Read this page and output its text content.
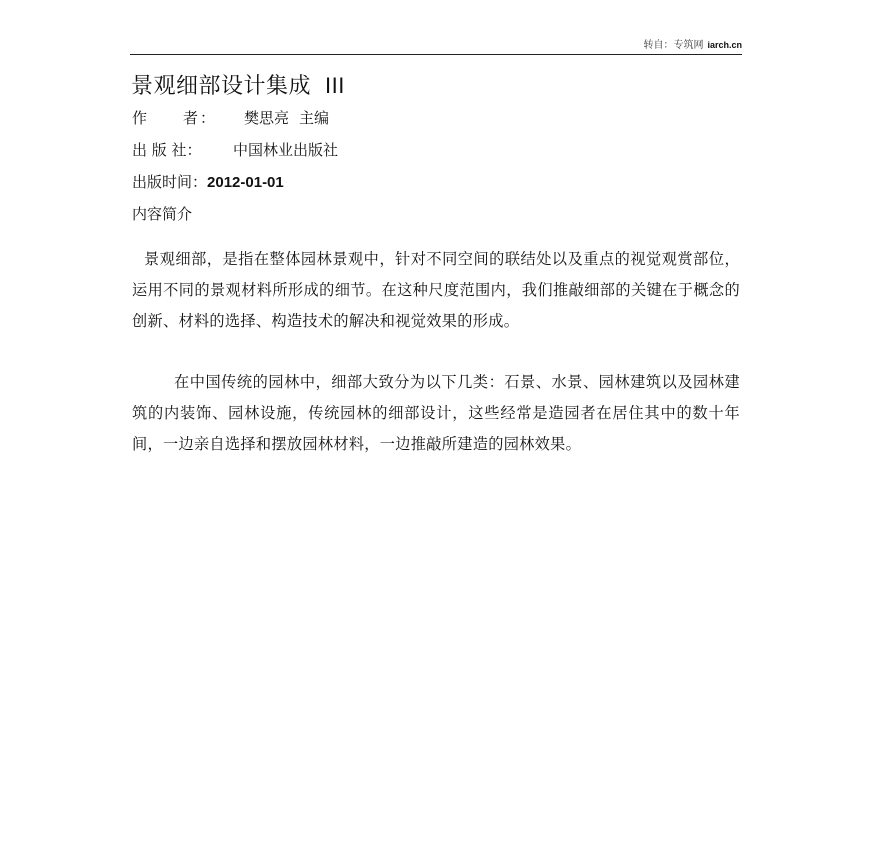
转自：专筑网 iarch.cn
景观细部设计集成 III
作　　者： 樊思亮 主编
出 版 社： 中国林业出版社
出版时间：2012-01-01
内容简介

景观细部，是指在整体园林景观中，针对不同空间的联结处以及重点的视觉观赏部位，运用不同的景观材料所形成的细节。在这种尺度范围内，我们推敲细部的关键在于概念的创新、材料的选择、构造技术的解决和视觉效果的形成。

在中国传统的园林中，细部大致分为以下几类：石景、水景、园林建筑以及园林建筑的内装饰、园林设施，传统园林的细部设计，这些经常是造园者在居住其中的数十年间，一边亲自选择和摆放园林材料，一边推敲所建造的园林效果。
